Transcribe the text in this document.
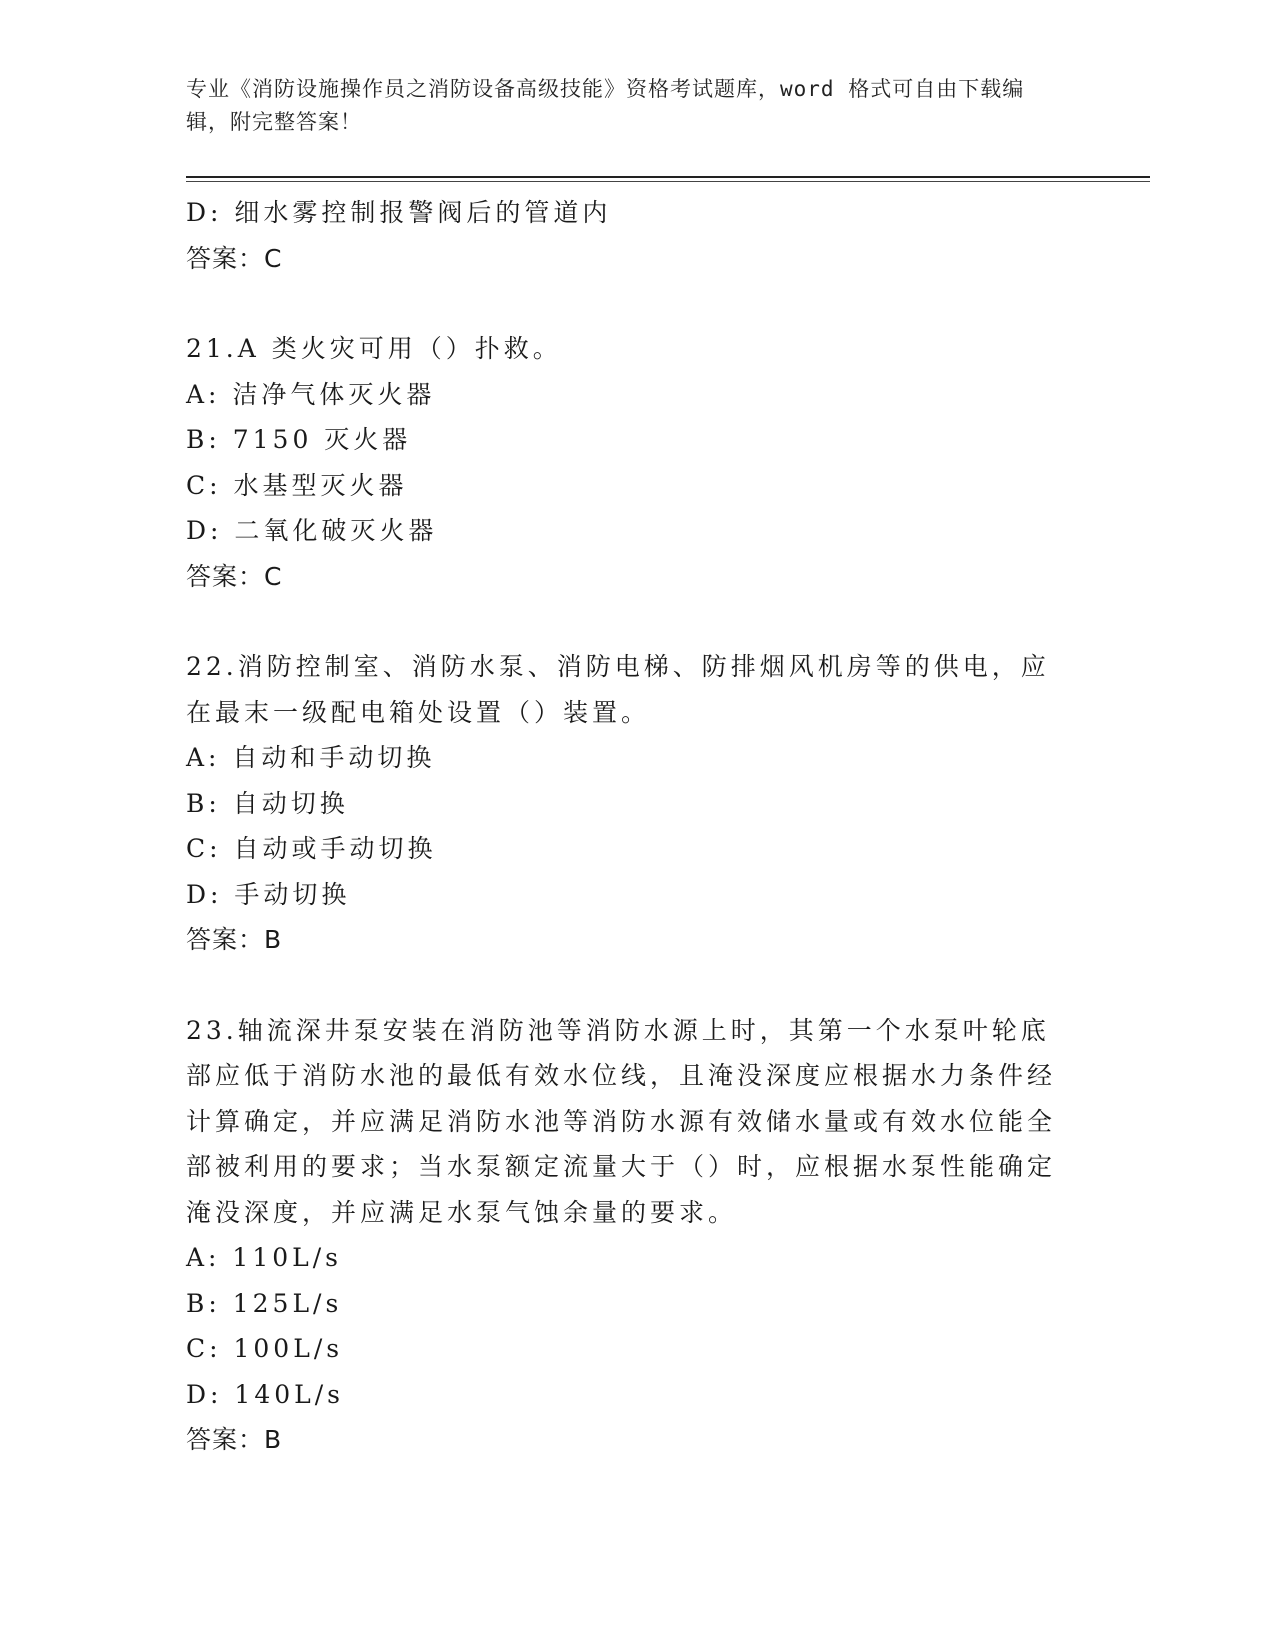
专业《消防设施操作员之消防设备高级技能》资格考试题库，word 格式可自由下载编辑，附完整答案！
D: 细水雾控制报警阀后的管道内
答案：C
21.A 类火灾可用（）扑救。
A: 洁净气体灭火器
B: 7150 灭火器
C: 水基型灭火器
D: 二氧化破灭火器
答案：C
22.消防控制室、消防水泵、消防电梯、防排烟风机房等的供电，应在最末一级配电箱处设置（）装置。
A: 自动和手动切换
B: 自动切换
C: 自动或手动切换
D: 手动切换
答案：B
23.轴流深井泵安装在消防池等消防水源上时，其第一个水泵叶轮底部应低于消防水池的最低有效水位线，且淹没深度应根据水力条件经计算确定，并应满足消防水池等消防水源有效储水量或有效水位能全部被利用的要求；当水泵额定流量大于（）时，应根据水泵性能确定淹没深度，并应满足水泵气蚀余量的要求。
A: 110L/s
B: 125L/s
C: 100L/s
D: 140L/s
答案：B
